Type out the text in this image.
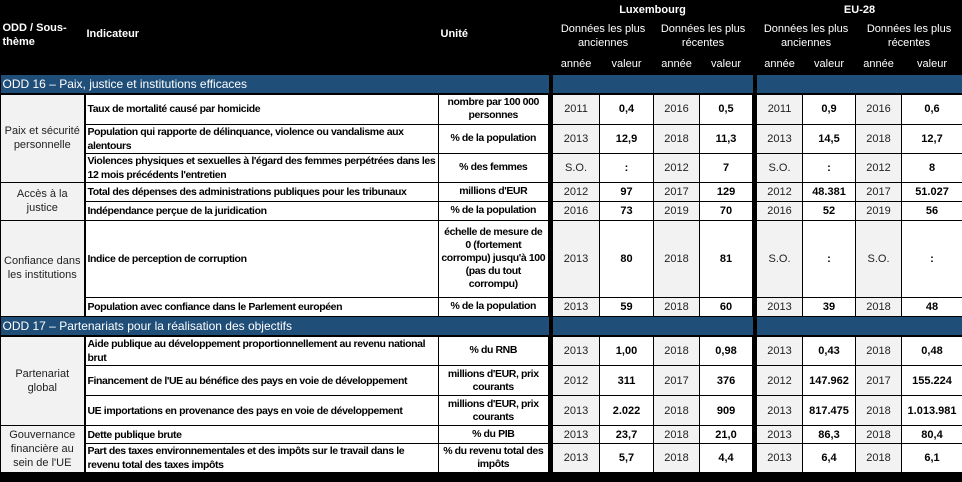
				Luxembourg					EU-28			
ODD / Sous-thème	Indicateur	Unité		Données les plus anciennes		Données les plus récentes			Données les plus anciennes		Données les plus récentes	
				année	valeur	année	valeur		année	valeur	année	valeur
ODD 16 – Paix, justice et institutions efficaces												
Paix et sécurité personnelle	Taux de mortalité causé par homicide	nombre par 100 000 personnes		2011	0,4	2016	0,5		2011	0,9	2016	0,6
	Population qui rapporte de délinquance, violence ou vandalisme aux alentours	% de la population		2013	12,9	2018	11,3		2013	14,5	2018	12,7
	Violences physiques et sexuelles à l'égard des femmes perpétrées dans les 12 mois précédents l'entretien	% des femmes		S.O.	:	2012	7		S.O.	:	2012	8
Accès à la justice	Total des dépenses des administrations publiques pour les tribunaux	millions d'EUR		2012	97	2017	129		2012	48.381	2017	51.027
	Indépendance perçue de la juridication	% de la population		2016	73	2019	70		2016	52	2019	56
Confiance dans les institutions	Indice de perception de corruption	échelle de mesure de 0 (fortement corrompu) jusqu'à 100 (pas du tout corrompu)		2013	80	2018	81		S.O.	:	S.O.	:
	Population avec confiance dans le Parlement européen	% de la population		2013	59	2018	60		2013	39	2018	48
ODD 17 – Partenariats pour la réalisation des objectifs												
Partenariat global	Aide publique au développement proportionnellement au revenu national brut	% du RNB		2013	1,00	2018	0,98		2013	0,43	2018	0,48
	Financement de l'UE au bénéfice des pays en voie de développement	millions d'EUR, prix courants		2012	311	2017	376		2012	147.962	2017	155.224
	UE importations en provenance des pays en voie de développement	millions d'EUR, prix courants		2013	2.022	2018	909		2013	817.475	2018	1.013.981
Gouvernance financière au sein de l'UE	Dette publique brute	% du PIB		2013	23,7	2018	21,0		2013	86,3	2018	80,4
	Part des taxes environnementales et des impôts sur le travail dans le revenu total des taxes impôts	% du revenu total des impôts		2013	5,7	2018	4,4		2013	6,4	2018	6,1
